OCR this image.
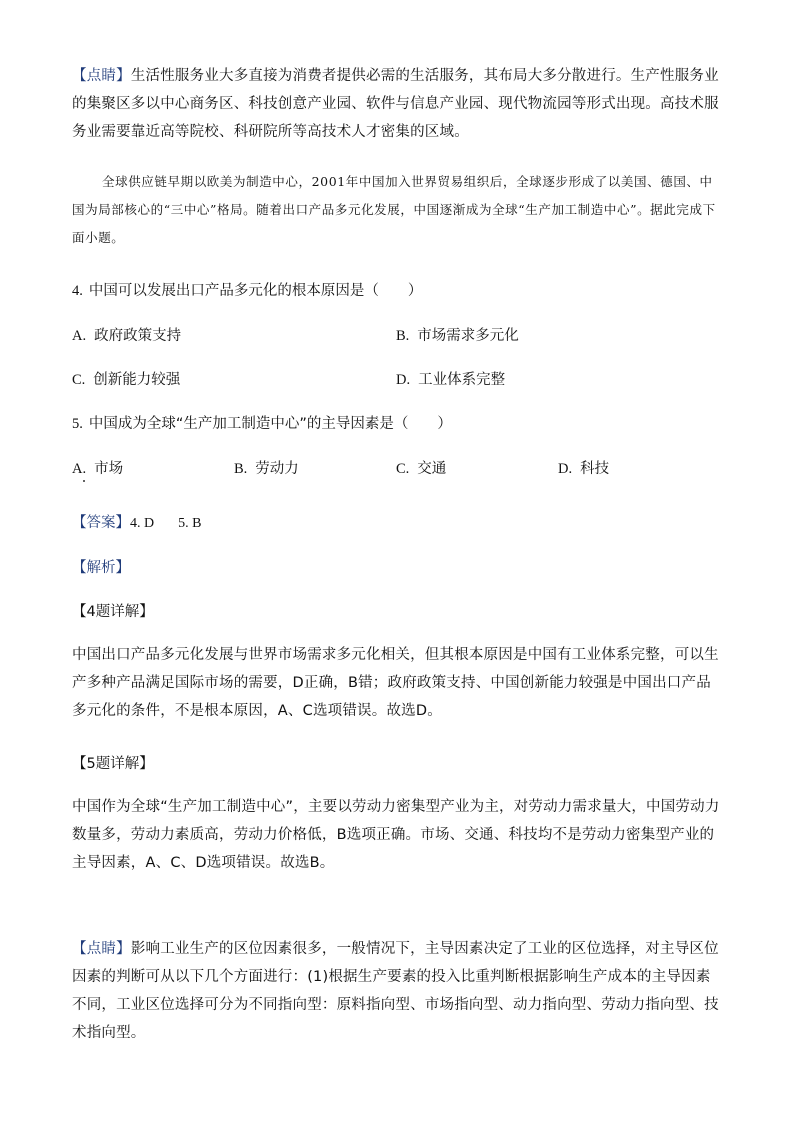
【点睛】生活性服务业大多直接为消费者提供必需的生活服务，其布局大多分散进行。生产性服务业的集聚区多以中心商务区、科技创意产业园、软件与信息产业园、现代物流园等形式出现。高技术服务业需要靠近高等院校、科研院所等高技术人才密集的区域。
全球供应链早期以欧美为制造中心，2001年中国加入世界贸易组织后，全球逐步形成了以美国、德国、中国为局部核心的“三中心”格局。随着出口产品多元化发展，中国逐渐成为全球“生产加工制造中心”。据此完成下面小题。
4. 中国可以发展出口产品多元化的根本原因是（　　）
A. 政府政策支持	B. 市场需求多元化
C. 创新能力较强	D. 工业体系完整
5. 中国成为全球“生产加工制造中心”的主导因素是（　　）
A. 市场	B. 劳动力	C. 交通	D. 科技
【答案】4. D 5. B
【解析】
【4题详解】
中国出口产品多元化发展与世界市场需求多元化相关，但其根本原因是中国有工业体系完整，可以生产多种产品满足国际市场的需要，D正确，B错；政府政策支持、中国创新能力较强是中国出口产品多元化的条件，不是根本原因，A、C选项错误。故选D。
【5题详解】
中国作为全球“生产加工制造中心”，主要以劳动力密集型产业为主，对劳动力需求量大，中国劳动力数量多，劳动力素质高，劳动力价格低，B选项正确。市场、交通、科技均不是劳动力密集型产业的主导因素，A、C、D选项错误。故选B。
【点睛】影响工业生产的区位因素很多，一般情况下，主导因素决定了工业的区位选择，对主导区位因素的判断可从以下几个方面进行：(1)根据生产要素的投入比重判断根据影响生产成本的主导因素不同，工业区位选择可分为不同指向型：原料指向型、市场指向型、动力指向型、劳动力指向型、技术指向型。
